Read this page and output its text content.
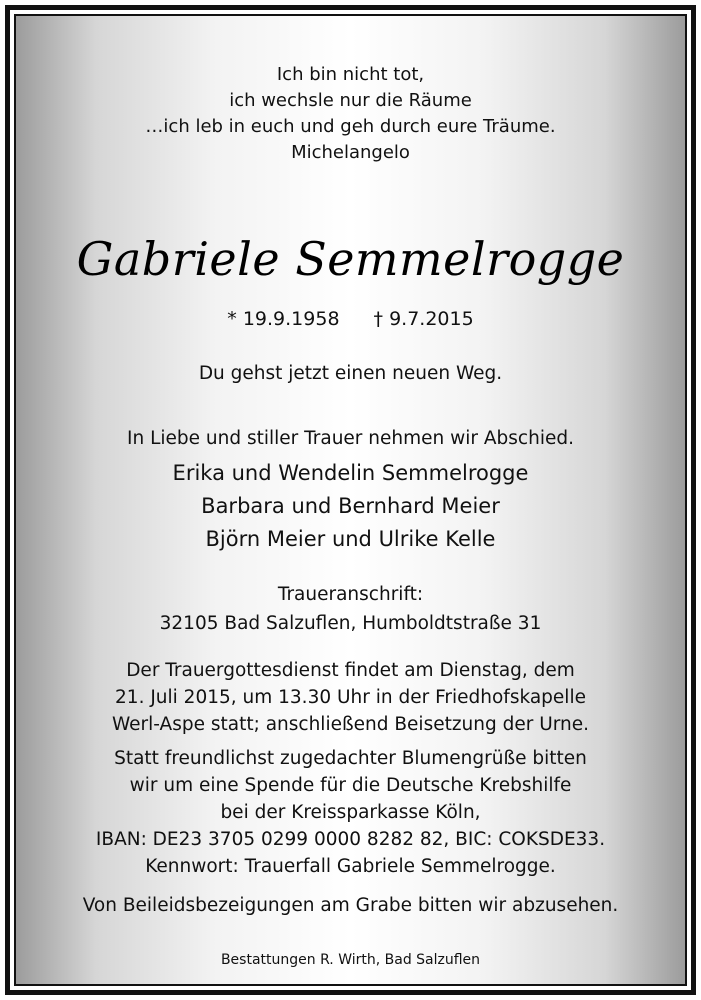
Ich bin nicht tot,
ich wechsle nur die Räume
…ich leb in euch und geh durch eure Träume.
Michelangelo
Gabriele Semmelrogge
* 19.9.1958 † 9.7.2015
Du gehst jetzt einen neuen Weg.
In Liebe und stiller Trauer nehmen wir Abschied.
Erika und Wendelin Semmelrogge
Barbara und Bernhard Meier
Björn Meier und Ulrike Kelle
Traueranschrift:
32105 Bad Salzuflen, Humboldtstraße 31
Der Trauergottesdienst findet am Dienstag, dem
21. Juli 2015, um 13.30 Uhr in der Friedhofskapelle
Werl-Aspe statt; anschließend Beisetzung der Urne.
Statt freundlichst zugedachter Blumengrüße bitten
wir um eine Spende für die Deutsche Krebshilfe
bei der Kreissparkasse Köln,
IBAN: DE23 3705 0299 0000 8282 82, BIC: COKSDE33.
Kennwort: Trauerfall Gabriele Semmelrogge.
Von Beileidsbezeigungen am Grabe bitten wir abzusehen.
Bestattungen R. Wirth, Bad Salzuflen
